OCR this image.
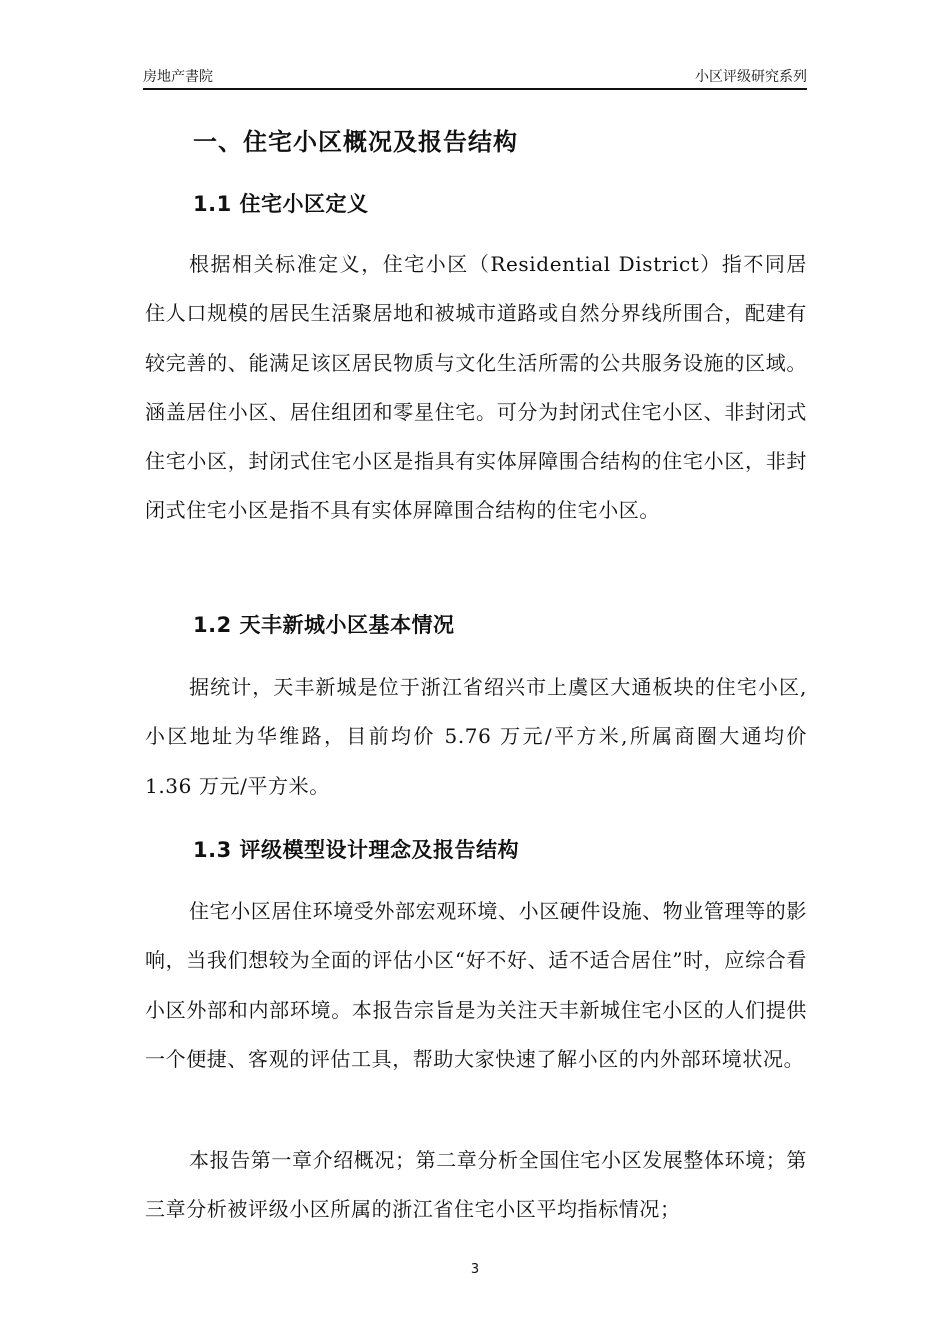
房地产書院	小区评级研究系列
一、住宅小区概况及报告结构
1.1 住宅小区定义
根据相关标准定义，住宅小区（Residential District）指不同居住人口规模的居民生活聚居地和被城市道路或自然分界线所围合，配建有较完善的、能满足该区居民物质与文化生活所需的公共服务设施的区域。涵盖居住小区、居住组团和零星住宅。可分为封闭式住宅小区、非封闭式住宅小区，封闭式住宅小区是指具有实体屏障围合结构的住宅小区，非封闭式住宅小区是指不具有实体屏障围合结构的住宅小区。
1.2 天丰新城小区基本情况
据统计，天丰新城是位于浙江省绍兴市上虞区大通板块的住宅小区,小区地址为华维路，目前均价 5.76 万元/平方米,所属商圈大通均价 1.36 万元/平方米。
1.3 评级模型设计理念及报告结构
住宅小区居住环境受外部宏观环境、小区硬件设施、物业管理等的影响，当我们想较为全面的评估小区“好不好、适不适合居住”时，应综合看小区外部和内部环境。本报告宗旨是为关注天丰新城住宅小区的人们提供一个便捷、客观的评估工具，帮助大家快速了解小区的内外部环境状况。
本报告第一章介绍概况；第二章分析全国住宅小区发展整体环境；第三章分析被评级小区所属的浙江省住宅小区平均指标情况；
3
